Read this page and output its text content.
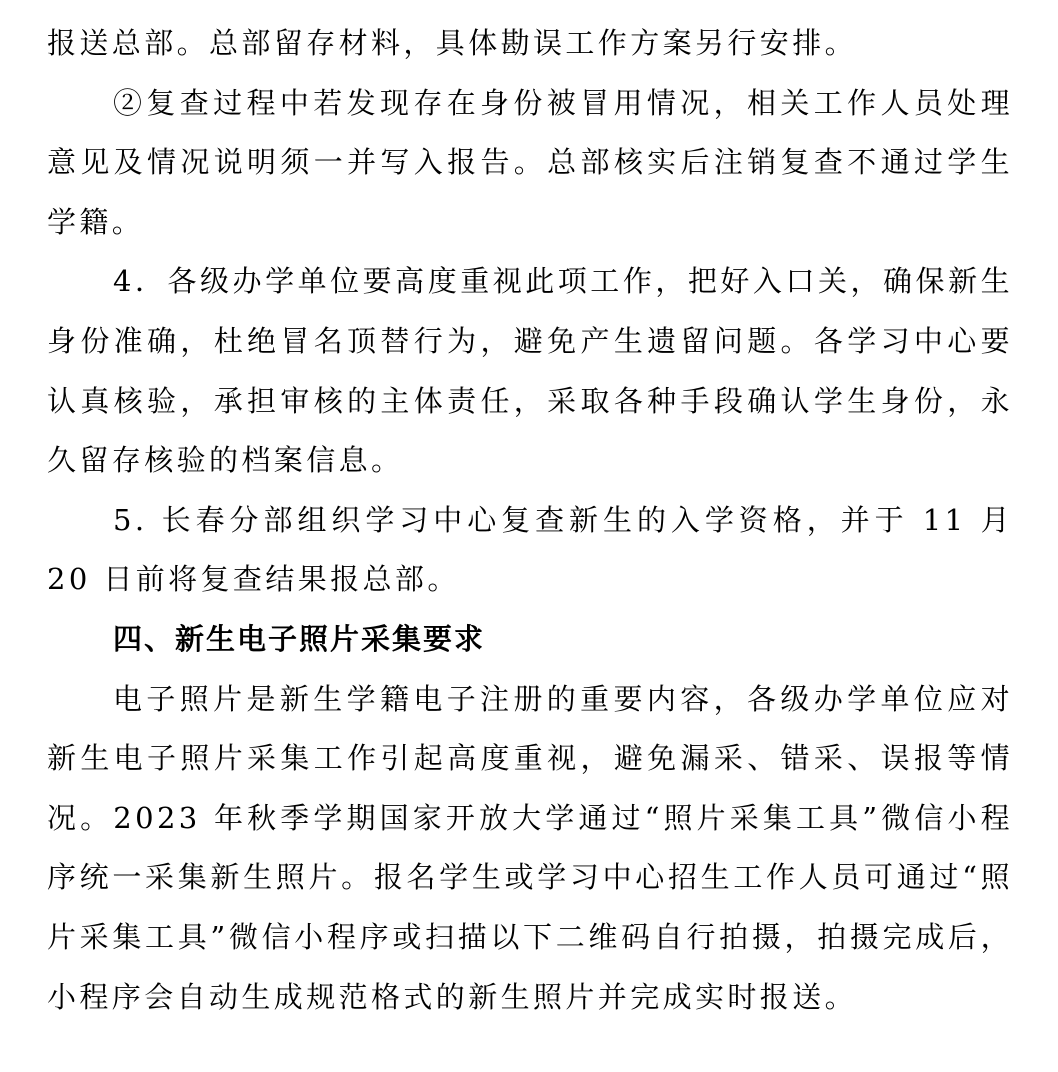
报送总部。总部留存材料，具体勘误工作方案另行安排。

②复查过程中若发现存在身份被冒用情况，相关工作人员处理意见及情况说明须一并写入报告。总部核实后注销复查不通过学生学籍。

4．各级办学单位要高度重视此项工作，把好入口关，确保新生身份准确，杜绝冒名顶替行为，避免产生遗留问题。各学习中心要认真核验，承担审核的主体责任，采取各种手段确认学生身份，永久留存核验的档案信息。

5. 长春分部组织学习中心复查新生的入学资格，并于 11 月 20 日前将复查结果报总部。

四、新生电子照片采集要求

电子照片是新生学籍电子注册的重要内容，各级办学单位应对新生电子照片采集工作引起高度重视，避免漏采、错采、误报等情况。2023 年秋季学期国家开放大学通过“照片采集工具”微信小程序统一采集新生照片。报名学生或学习中心招生工作人员可通过“照片采集工具”微信小程序或扫描以下二维码自行拍摄，拍摄完成后，小程序会自动生成规范格式的新生照片并完成实时报送。
